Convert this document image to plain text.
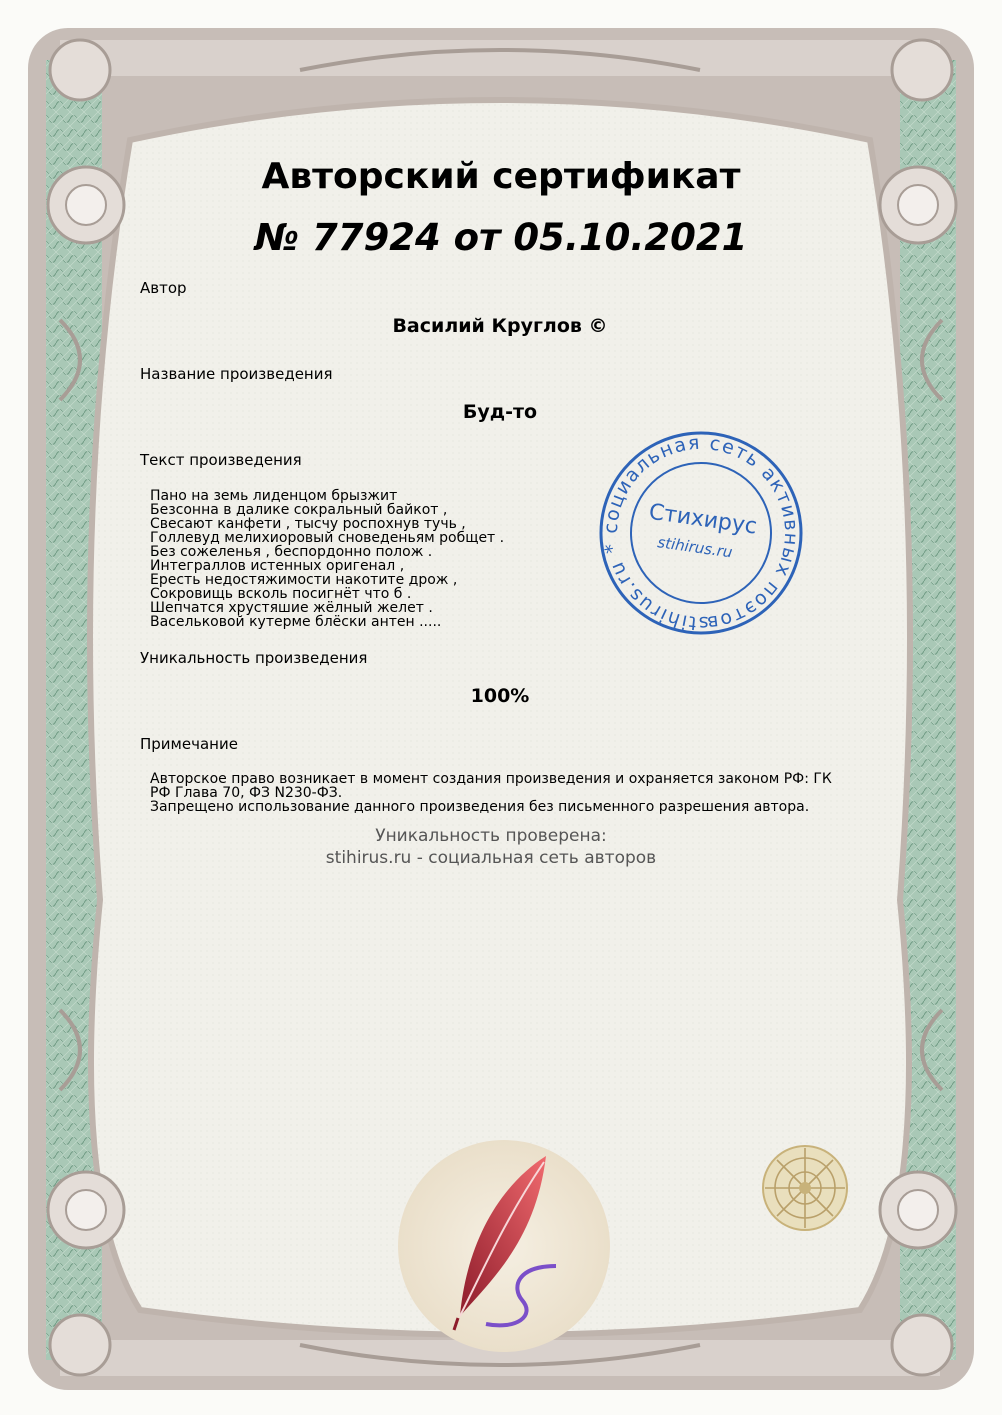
Авторский сертификат
№ 77924 от 05.10.2021
Автор
Василий Круглов ©
Название произведения
Буд-то
Текст произведения
Пано на земь лиденцом брызжит
Безсонна в далике сокральный байкот ,
Свесают канфети , тысчу роспохнув тучь ,
Голлевуд мелихиоровый сноведеньям робщет .
Без сожеленья , беспордонно полож .
Интеграллов истенных оригенал ,
Ересть недостяжимости накотите дрож ,
Сокровищь всколь посигнёт что б .
Шепчатся хрустяшие жёлный желет .
Васельковой кутерме блёски антен .....
Уникальность произведения
100%
Примечание
Авторское право возникает в момент создания произведения и охраняется законом РФ: ГК РФ Глава 70, ФЗ N230-ФЗ.
Запрещено использование данного произведения без письменного разрешения автора.
Уникальность проверена:
stihirus.ru - социальная сеть авторов
stihirus.ru * социальная сеть активных поэтов
Стихирус
stihirus.ru
